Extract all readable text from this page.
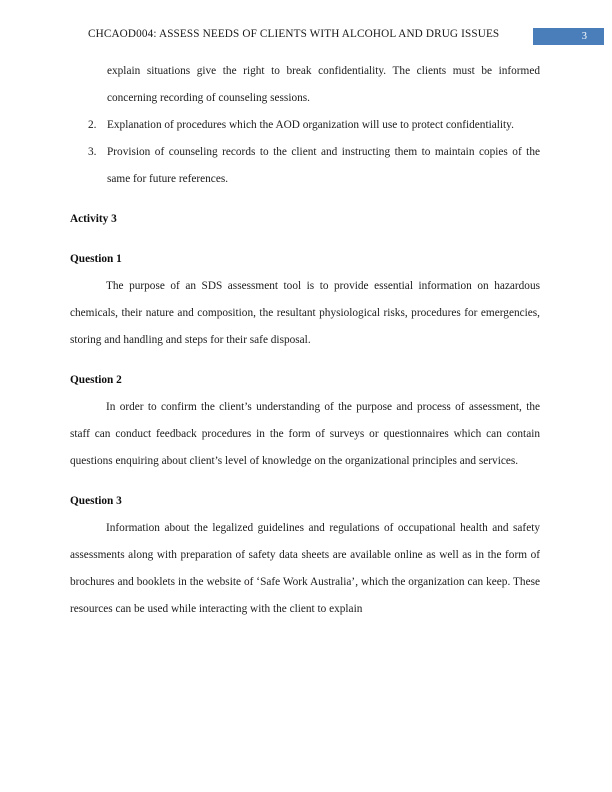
CHCAOD004: ASSESS NEEDS OF CLIENTS WITH ALCOHOL AND DRUG ISSUES	3

explain situations give the right to break confidentiality. The clients must be informed concerning recording of counseling sessions.

2. Explanation of procedures which the AOD organization will use to protect confidentiality.
3. Provision of counseling records to the client and instructing them to maintain copies of the same for future references.

Activity 3

Question 1

The purpose of an SDS assessment tool is to provide essential information on hazardous chemicals, their nature and composition, the resultant physiological risks, procedures for emergencies, storing and handling and steps for their safe disposal.

Question 2

In order to confirm the client’s understanding of the purpose and process of assessment, the staff can conduct feedback procedures in the form of surveys or questionnaires which can contain questions enquiring about client’s level of knowledge on the organizational principles and services.

Question 3

Information about the legalized guidelines and regulations of occupational health and safety assessments along with preparation of safety data sheets are available online as well as in the form of brochures and booklets in the website of ‘Safe Work Australia’, which the organization can keep. These resources can be used while interacting with the client to explain
